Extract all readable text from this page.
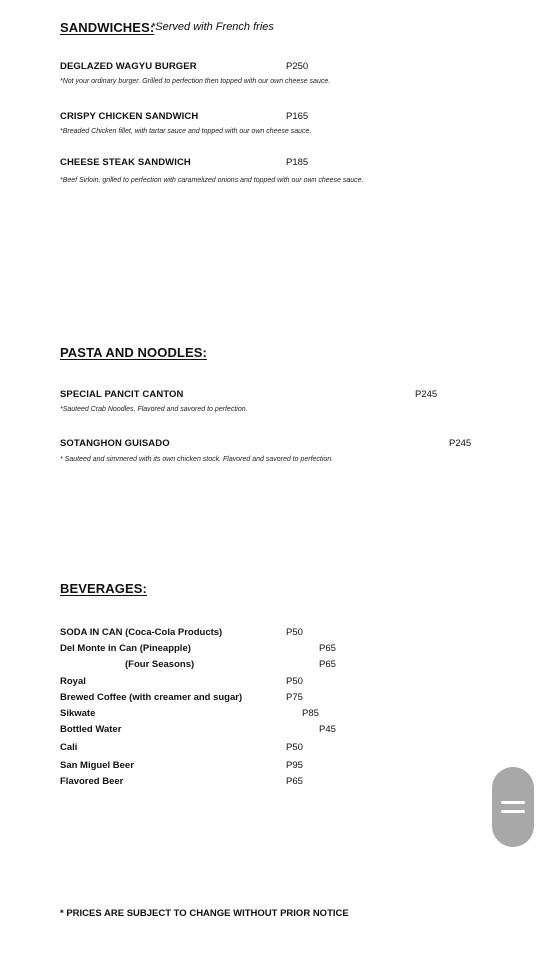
SANDWICHES:
*Served with French fries
DEGLAZED WAGYU BURGER	P250
*Not your ordinary burger. Grilled to perfection then topped with our own cheese sauce.
CRISPY CHICKEN SANDWICH	P165
*Breaded Chicken fillet, with tartar sauce and topped with our own cheese sauce.
CHEESE STEAK SANDWICH	P185
*Beef Sirloin, grilled to perfection with caramelized onions and topped with our own cheese sauce.
PASTA AND NOODLES:
SPECIAL PANCIT CANTON	P245
*Sauteed Crab Noodles, Flavored and savored to perfection.
SOTANGHON GUISADO	P245
* Sauteed and simmered with its own chicken stock. Flavored and savored to perfection.
BEVERAGES:
SODA IN CAN (Coca-Cola Products)	P50
Del Monte in Can (Pineapple)	P65
(Four Seasons)	P65
Royal	P50
Brewed Coffee (with creamer and sugar)	P75
Sikwate	P85
Bottled Water	P45
Cali	P50
San Miguel Beer	P95
Flavored Beer	P65
* PRICES ARE SUBJECT TO CHANGE WITHOUT PRIOR NOTICE
